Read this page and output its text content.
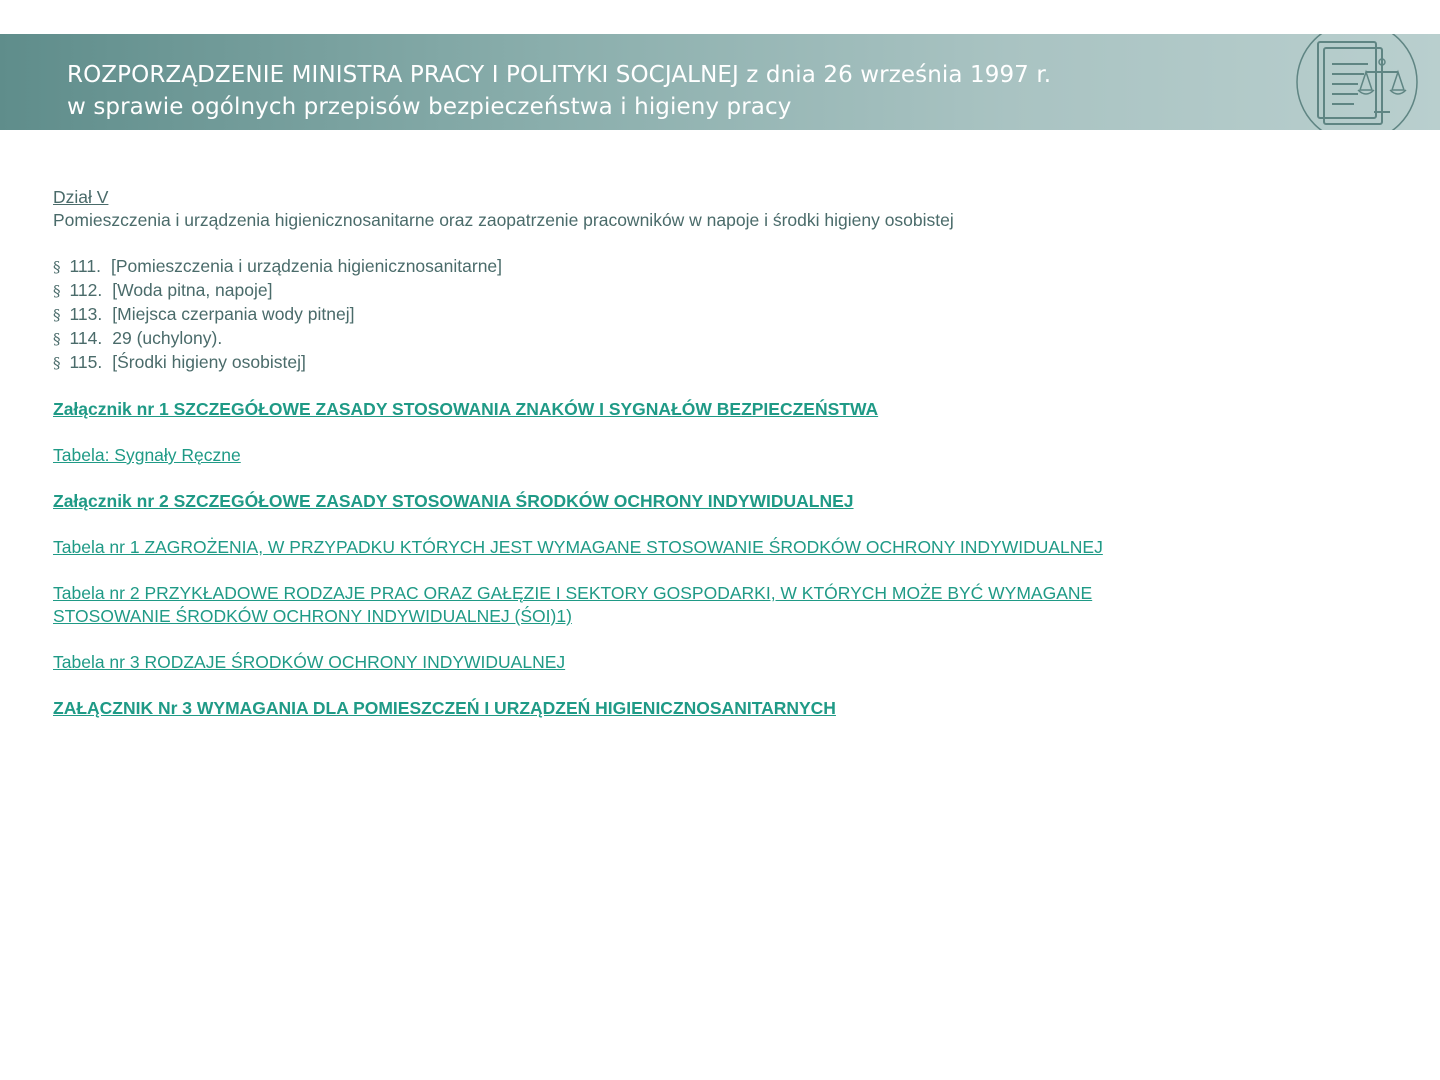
ROZPORZĄDZENIE MINISTRA PRACY I POLITYKI SOCJALNEJ z dnia 26 września 1997 r.
w sprawie ogólnych przepisów bezpieczeństwa i higieny pracy
Dział V
Pomieszczenia i urządzenia higienicznosanitarne oraz zaopatrzenie pracowników w napoje i środki higieny osobistej
§ 111. [Pomieszczenia i urządzenia higienicznosanitarne]
§ 112. [Woda pitna, napoje]
§ 113. [Miejsca czerpania wody pitnej]
§ 114. 29 (uchylony).
§ 115. [Środki higieny osobistej]
Załącznik nr 1 SZCZEGÓŁOWE ZASADY STOSOWANIA ZNAKÓW I SYGNAŁÓW BEZPIECZEŃSTWA
Tabela: Sygnały Ręczne
Załącznik nr 2 SZCZEGÓŁOWE ZASADY STOSOWANIA ŚRODKÓW OCHRONY INDYWIDUALNEJ
Tabela nr 1 ZAGROŻENIA, W PRZYPADKU KTÓRYCH JEST WYMAGANE STOSOWANIE ŚRODKÓW OCHRONY INDYWIDUALNEJ
Tabela nr 2 PRZYKŁADOWE RODZAJE PRAC ORAZ GAŁĘZIE I SEKTORY GOSPODARKI, W KTÓRYCH MOŻE BYĆ WYMAGANE
STOSOWANIE ŚRODKÓW OCHRONY INDYWIDUALNEJ (ŚOI)1)
Tabela nr 3 RODZAJE ŚRODKÓW OCHRONY INDYWIDUALNEJ
ZAŁĄCZNIK Nr 3 WYMAGANIA DLA POMIESZCZEŃ I URZĄDZEŃ HIGIENICZNOSANITARNYCH
